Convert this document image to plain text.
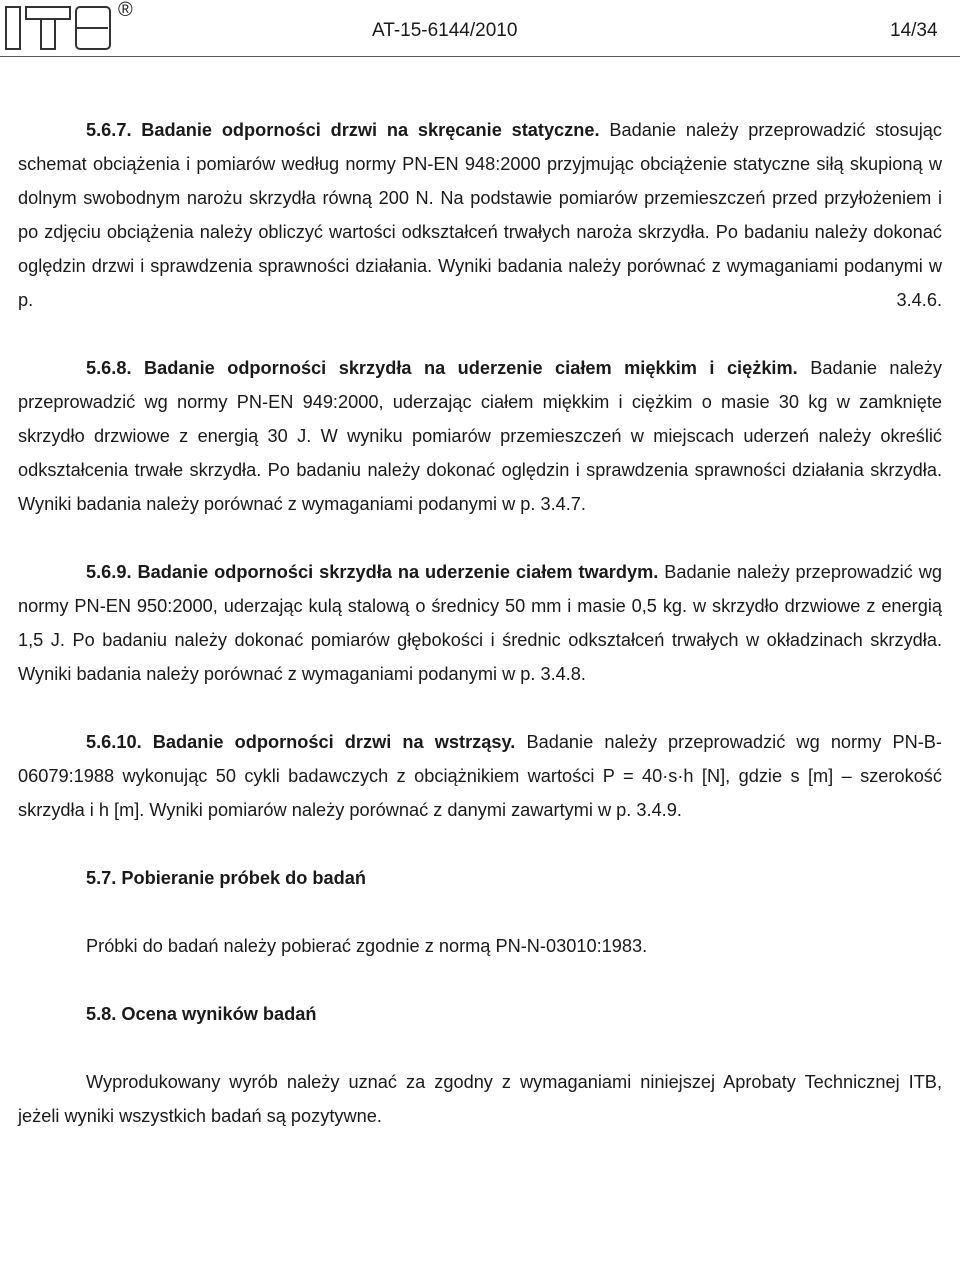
ITB	®
AT-15-6144/2010	14/34

5.6.7. Badanie odporności drzwi na skręcanie statyczne. Badanie należy przeprowadzić stosując schemat obciążenia i pomiarów według normy PN-EN 948:2000 przyjmując obciążenie statyczne siłą skupioną w dolnym swobodnym narożu skrzydła równą 200 N. Na podstawie pomiarów przemieszczeń przed przyłożeniem i po zdjęciu obciążenia należy obliczyć wartości odkształceń trwałych naroża skrzydła. Po badaniu należy dokonać oględzin drzwi i sprawdzenia sprawności działania. Wyniki badania należy porównać z wymaganiami podanymi w p. 3.4.6.

5.6.8. Badanie odporności skrzydła na uderzenie ciałem miękkim i ciężkim. Badanie należy przeprowadzić wg normy PN-EN 949:2000, uderzając ciałem miękkim i ciężkim o masie 30 kg w zamknięte skrzydło drzwiowe z energią 30 J. W wyniku pomiarów przemieszczeń w miejscach uderzeń należy określić odkształcenia trwałe skrzydła. Po badaniu należy dokonać oględzin i sprawdzenia sprawności działania skrzydła. Wyniki badania należy porównać z wymaganiami podanymi w p. 3.4.7.

5.6.9. Badanie odporności skrzydła na uderzenie ciałem twardym. Badanie należy przeprowadzić wg normy PN-EN 950:2000, uderzając kulą stalową o średnicy 50 mm i masie 0,5 kg. w skrzydło drzwiowe z energią 1,5 J. Po badaniu należy dokonać pomiarów głębokości i średnic odkształceń trwałych w okładzinach skrzydła. Wyniki badania należy porównać z wymaganiami podanymi w p. 3.4.8.

5.6.10. Badanie odporności drzwi na wstrząsy. Badanie należy przeprowadzić wg normy PN-B-06079:1988 wykonując 50 cykli badawczych z obciążnikiem wartości P = 40·s·h [N], gdzie s [m] – szerokość skrzydła i h [m]. Wyniki pomiarów należy porównać z danymi zawartymi w p. 3.4.9.

5.7. Pobieranie próbek do badań

Próbki do badań należy pobierać zgodnie z normą PN-N-03010:1983.

5.8. Ocena wyników badań

Wyprodukowany wyrób należy uznać za zgodny z wymaganiami niniejszej Aprobaty Technicznej ITB, jeżeli wyniki wszystkich badań są pozytywne.
